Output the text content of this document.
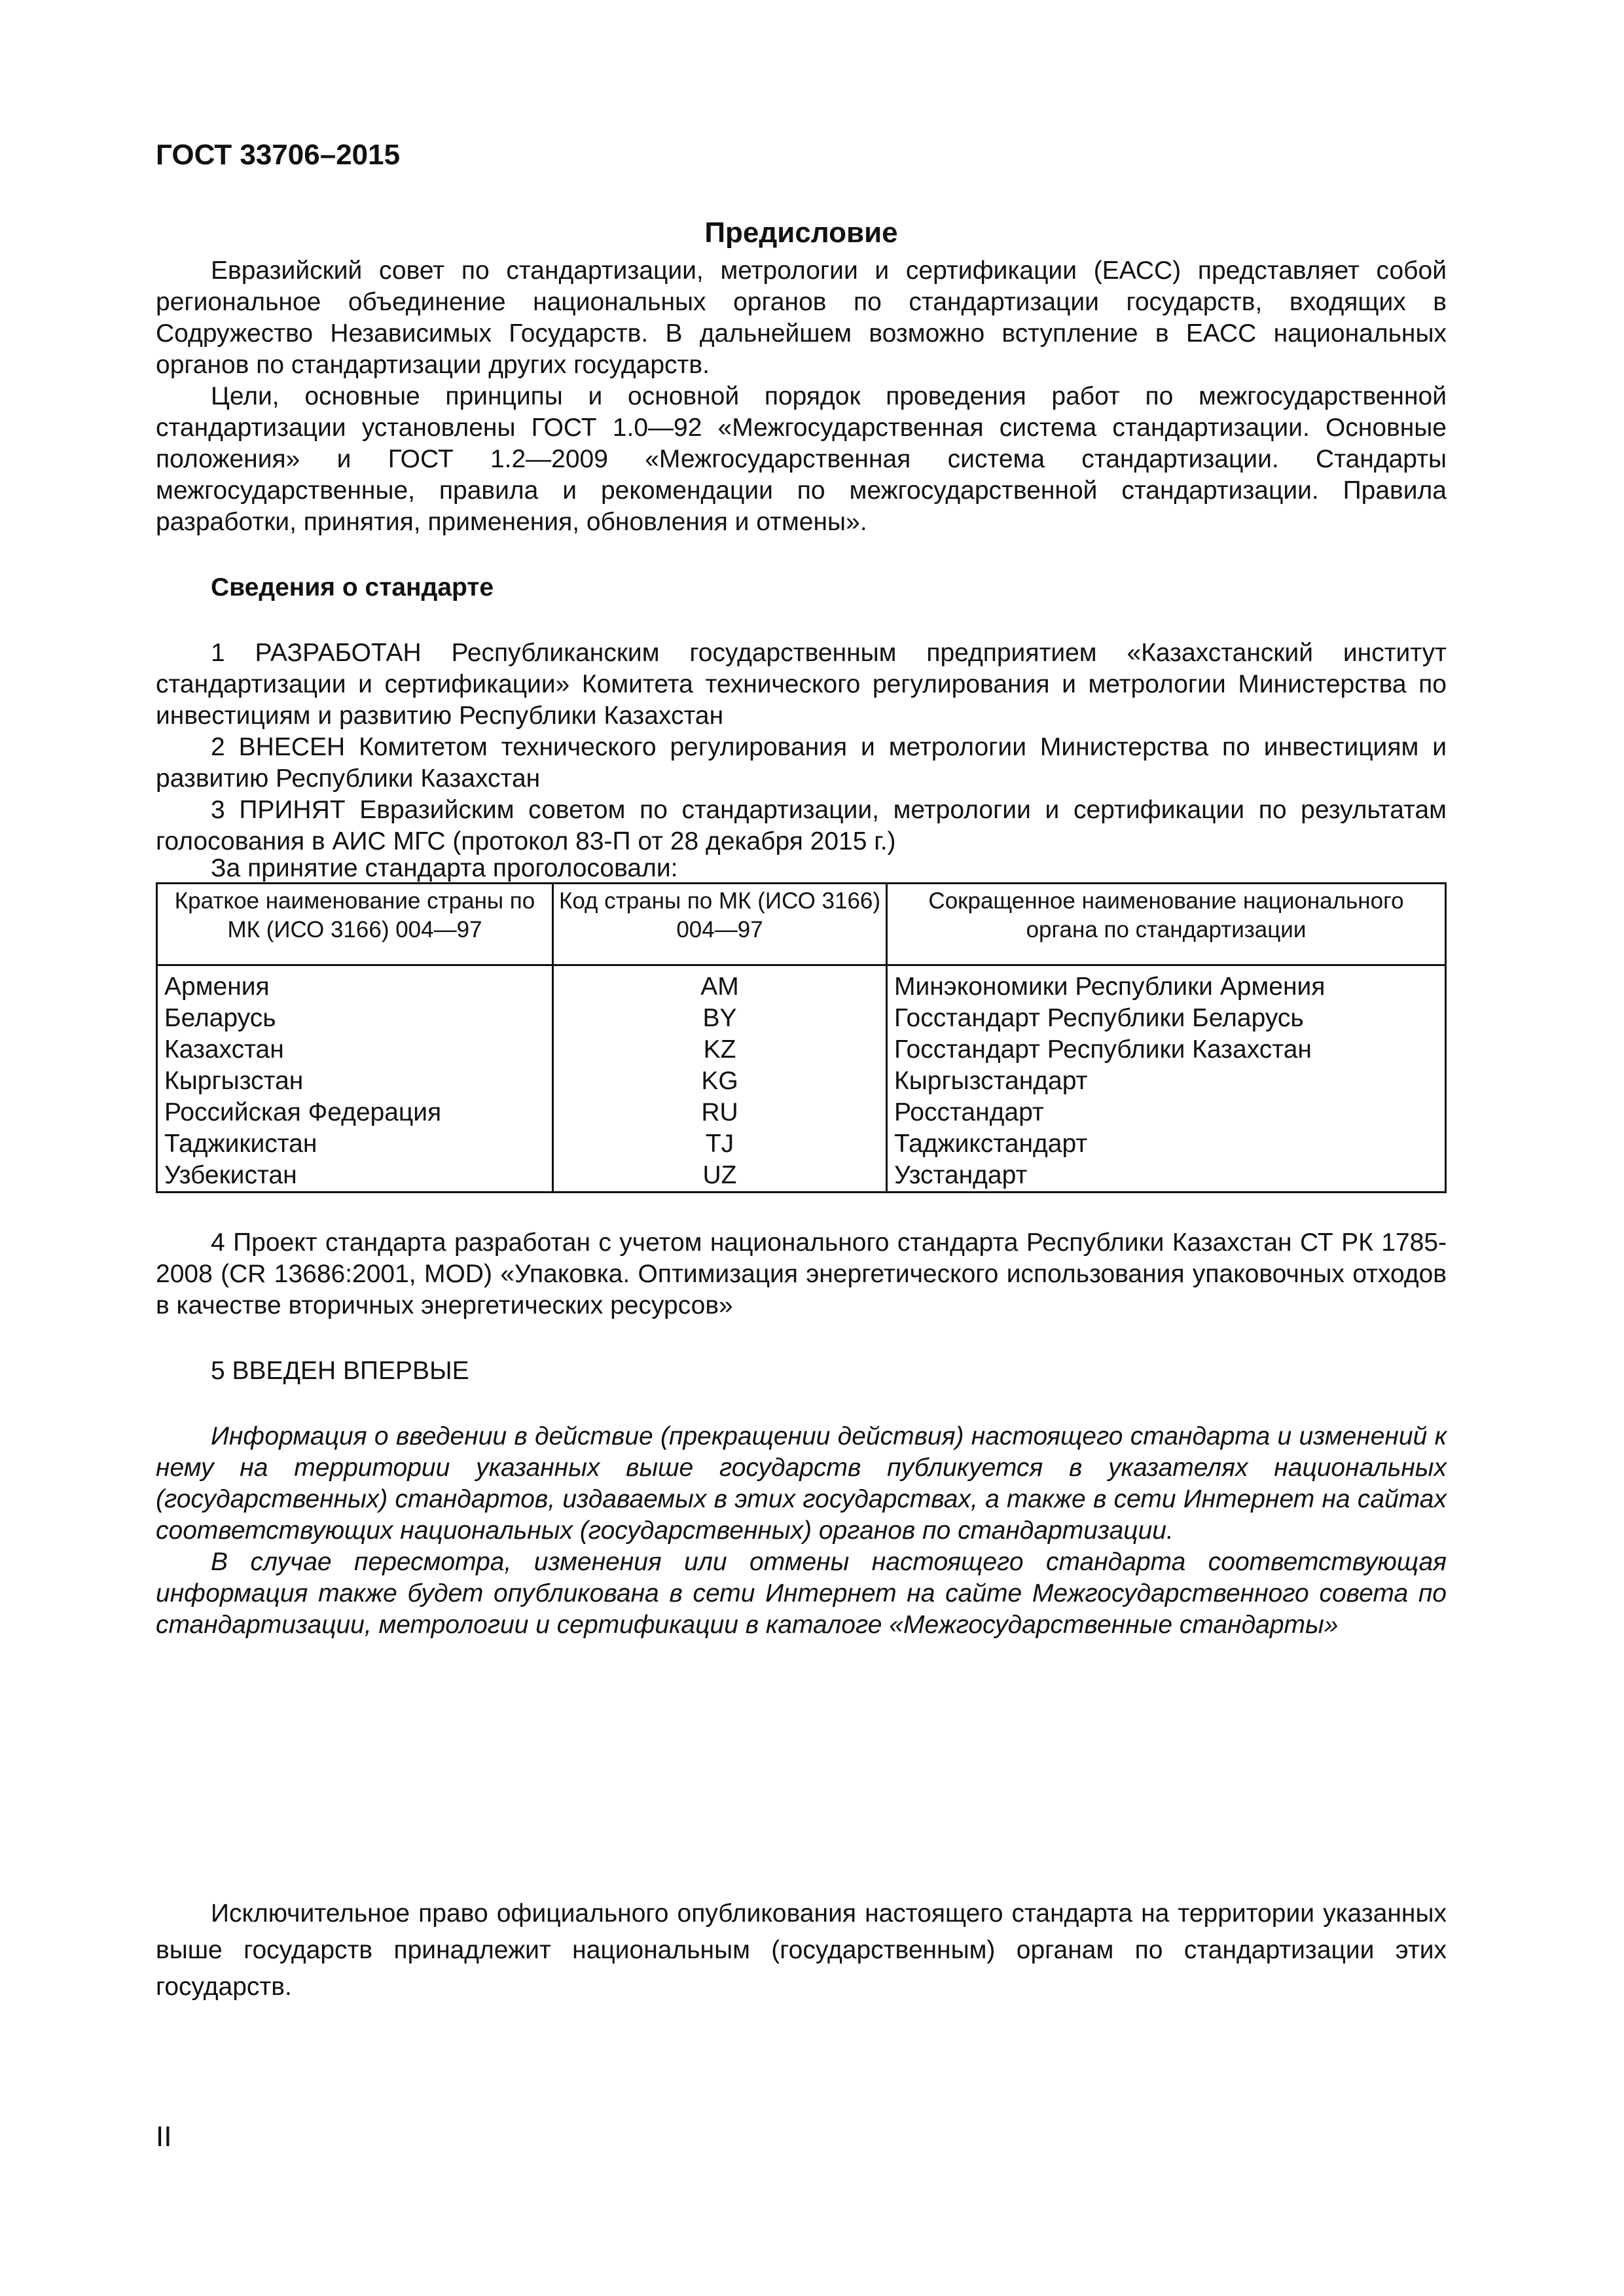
ГОСТ 33706–2015
Предисловие

Евразийский совет по стандартизации, метрологии и сертификации (ЕАСС) представляет собой региональное объединение национальных органов по стандартизации государств, входящих в Содружество Независимых Государств. В дальнейшем возможно вступление в ЕАСС национальных органов по стандартизации других государств.

Цели, основные принципы и основной порядок проведения работ по межгосударственной стандартизации установлены ГОСТ 1.0—92 «Межгосударственная система стандартизации. Основные положения» и ГОСТ 1.2—2009 «Межгосударственная система стандартизации. Стандарты межгосударственные, правила и рекомендации по межгосударственной стандартизации. Правила разработки, принятия, применения, обновления и отмены».

Сведения о стандарте

1 РАЗРАБОТАН Республиканским государственным предприятием «Казахстанский институт стандартизации и сертификации» Комитета технического регулирования и метрологии Министерства по инвестициям и развитию Республики Казахстан

2 ВНЕСЕН Комитетом технического регулирования и метрологии Министерства по инвестициям и развитию Республики Казахстан

3 ПРИНЯТ Евразийским советом по стандартизации, метрологии и сертификации по результатам голосования в АИС МГС (протокол 83-П от 28 декабря 2015 г.)

За принятие стандарта проголосовали:
Краткое наименование страны по МК (ИСО 3166) 004—97	Код страны по МК (ИСО 3166) 004—97	Сокращенное наименование национального органа по стандартизации
Армения	AM	Минэкономики Республики Армения
Беларусь	BY	Госстандарт Республики Беларусь
Казахстан	KZ	Госстандарт Республики Казахстан
Кыргызстан	KG	Кыргызстандарт
Российская Федерация	RU	Росстандарт
Таджикистан	TJ	Таджикстандарт
Узбекистан	UZ	Узстандарт

4 Проект стандарта разработан с учетом национального стандарта Республики Казахстан СТ РК 1785-2008 (CR 13686:2001, MOD) «Упаковка. Оптимизация энергетического использования упаковочных отходов в качестве вторичных энергетических ресурсов»

5 ВВЕДЕН ВПЕРВЫЕ

Информация о введении в действие (прекращении действия) настоящего стандарта и изменений к нему на территории указанных выше государств публикуется в указателях национальных (государственных) стандартов, издаваемых в этих государствах, а также в сети Интернет на сайтах соответствующих национальных (государственных) органов по стандартизации.

В случае пересмотра, изменения или отмены настоящего стандарта соответствующая информация также будет опубликована в сети Интернет на сайте Межгосударственного совета по стандартизации, метрологии и сертификации в каталоге «Межгосударственные стандарты»

Исключительное право официального опубликования настоящего стандарта на территории указанных выше государств принадлежит национальным (государственным) органам по стандартизации этих государств.

II
